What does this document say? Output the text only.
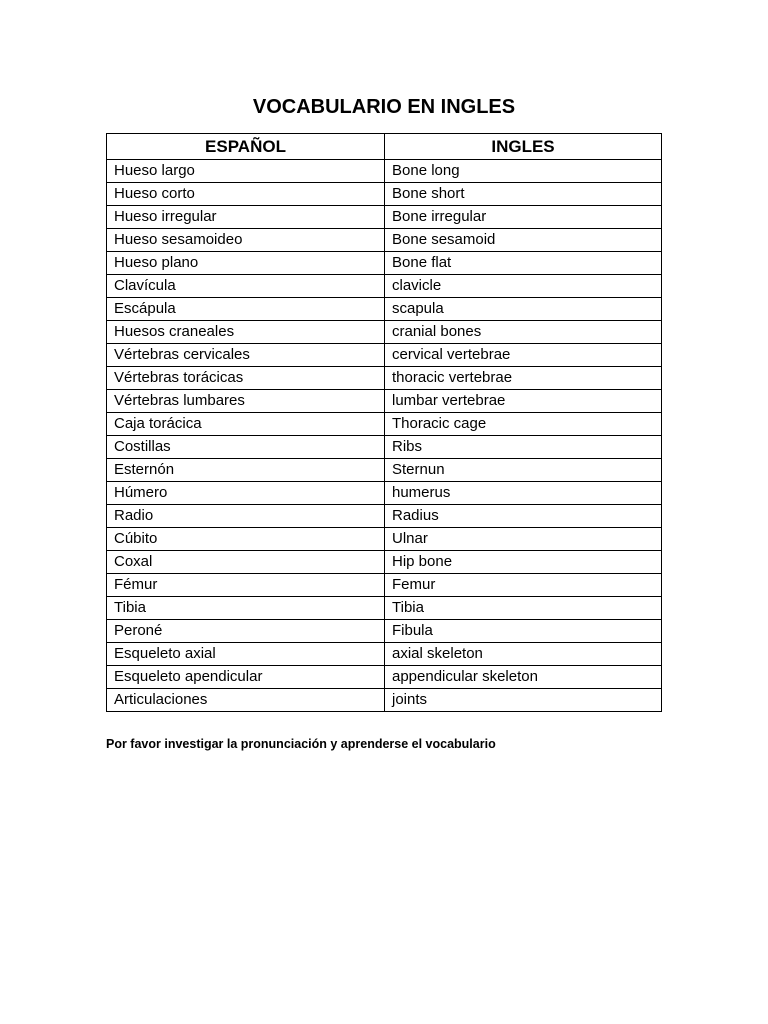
VOCABULARIO EN INGLES
ESPAÑOL	INGLES
Hueso largo	Bone long
Hueso corto	Bone short
Hueso irregular	Bone irregular
Hueso sesamoideo	Bone sesamoid
Hueso plano	Bone flat
Clavícula	clavicle
Escápula	scapula
Huesos craneales	cranial bones
Vértebras cervicales	cervical vertebrae
Vértebras torácicas	thoracic vertebrae
Vértebras lumbares	lumbar vertebrae
Caja torácica	Thoracic cage
Costillas	Ribs
Esternón	Sternun
Húmero	humerus
Radio	Radius
Cúbito	Ulnar
Coxal	Hip bone
Fémur	Femur
Tibia	Tibia
Peroné	Fibula
Esqueleto axial	axial skeleton
Esqueleto apendicular	appendicular skeleton
Articulaciones	joints
Por favor investigar la pronunciación y aprenderse el vocabulario
